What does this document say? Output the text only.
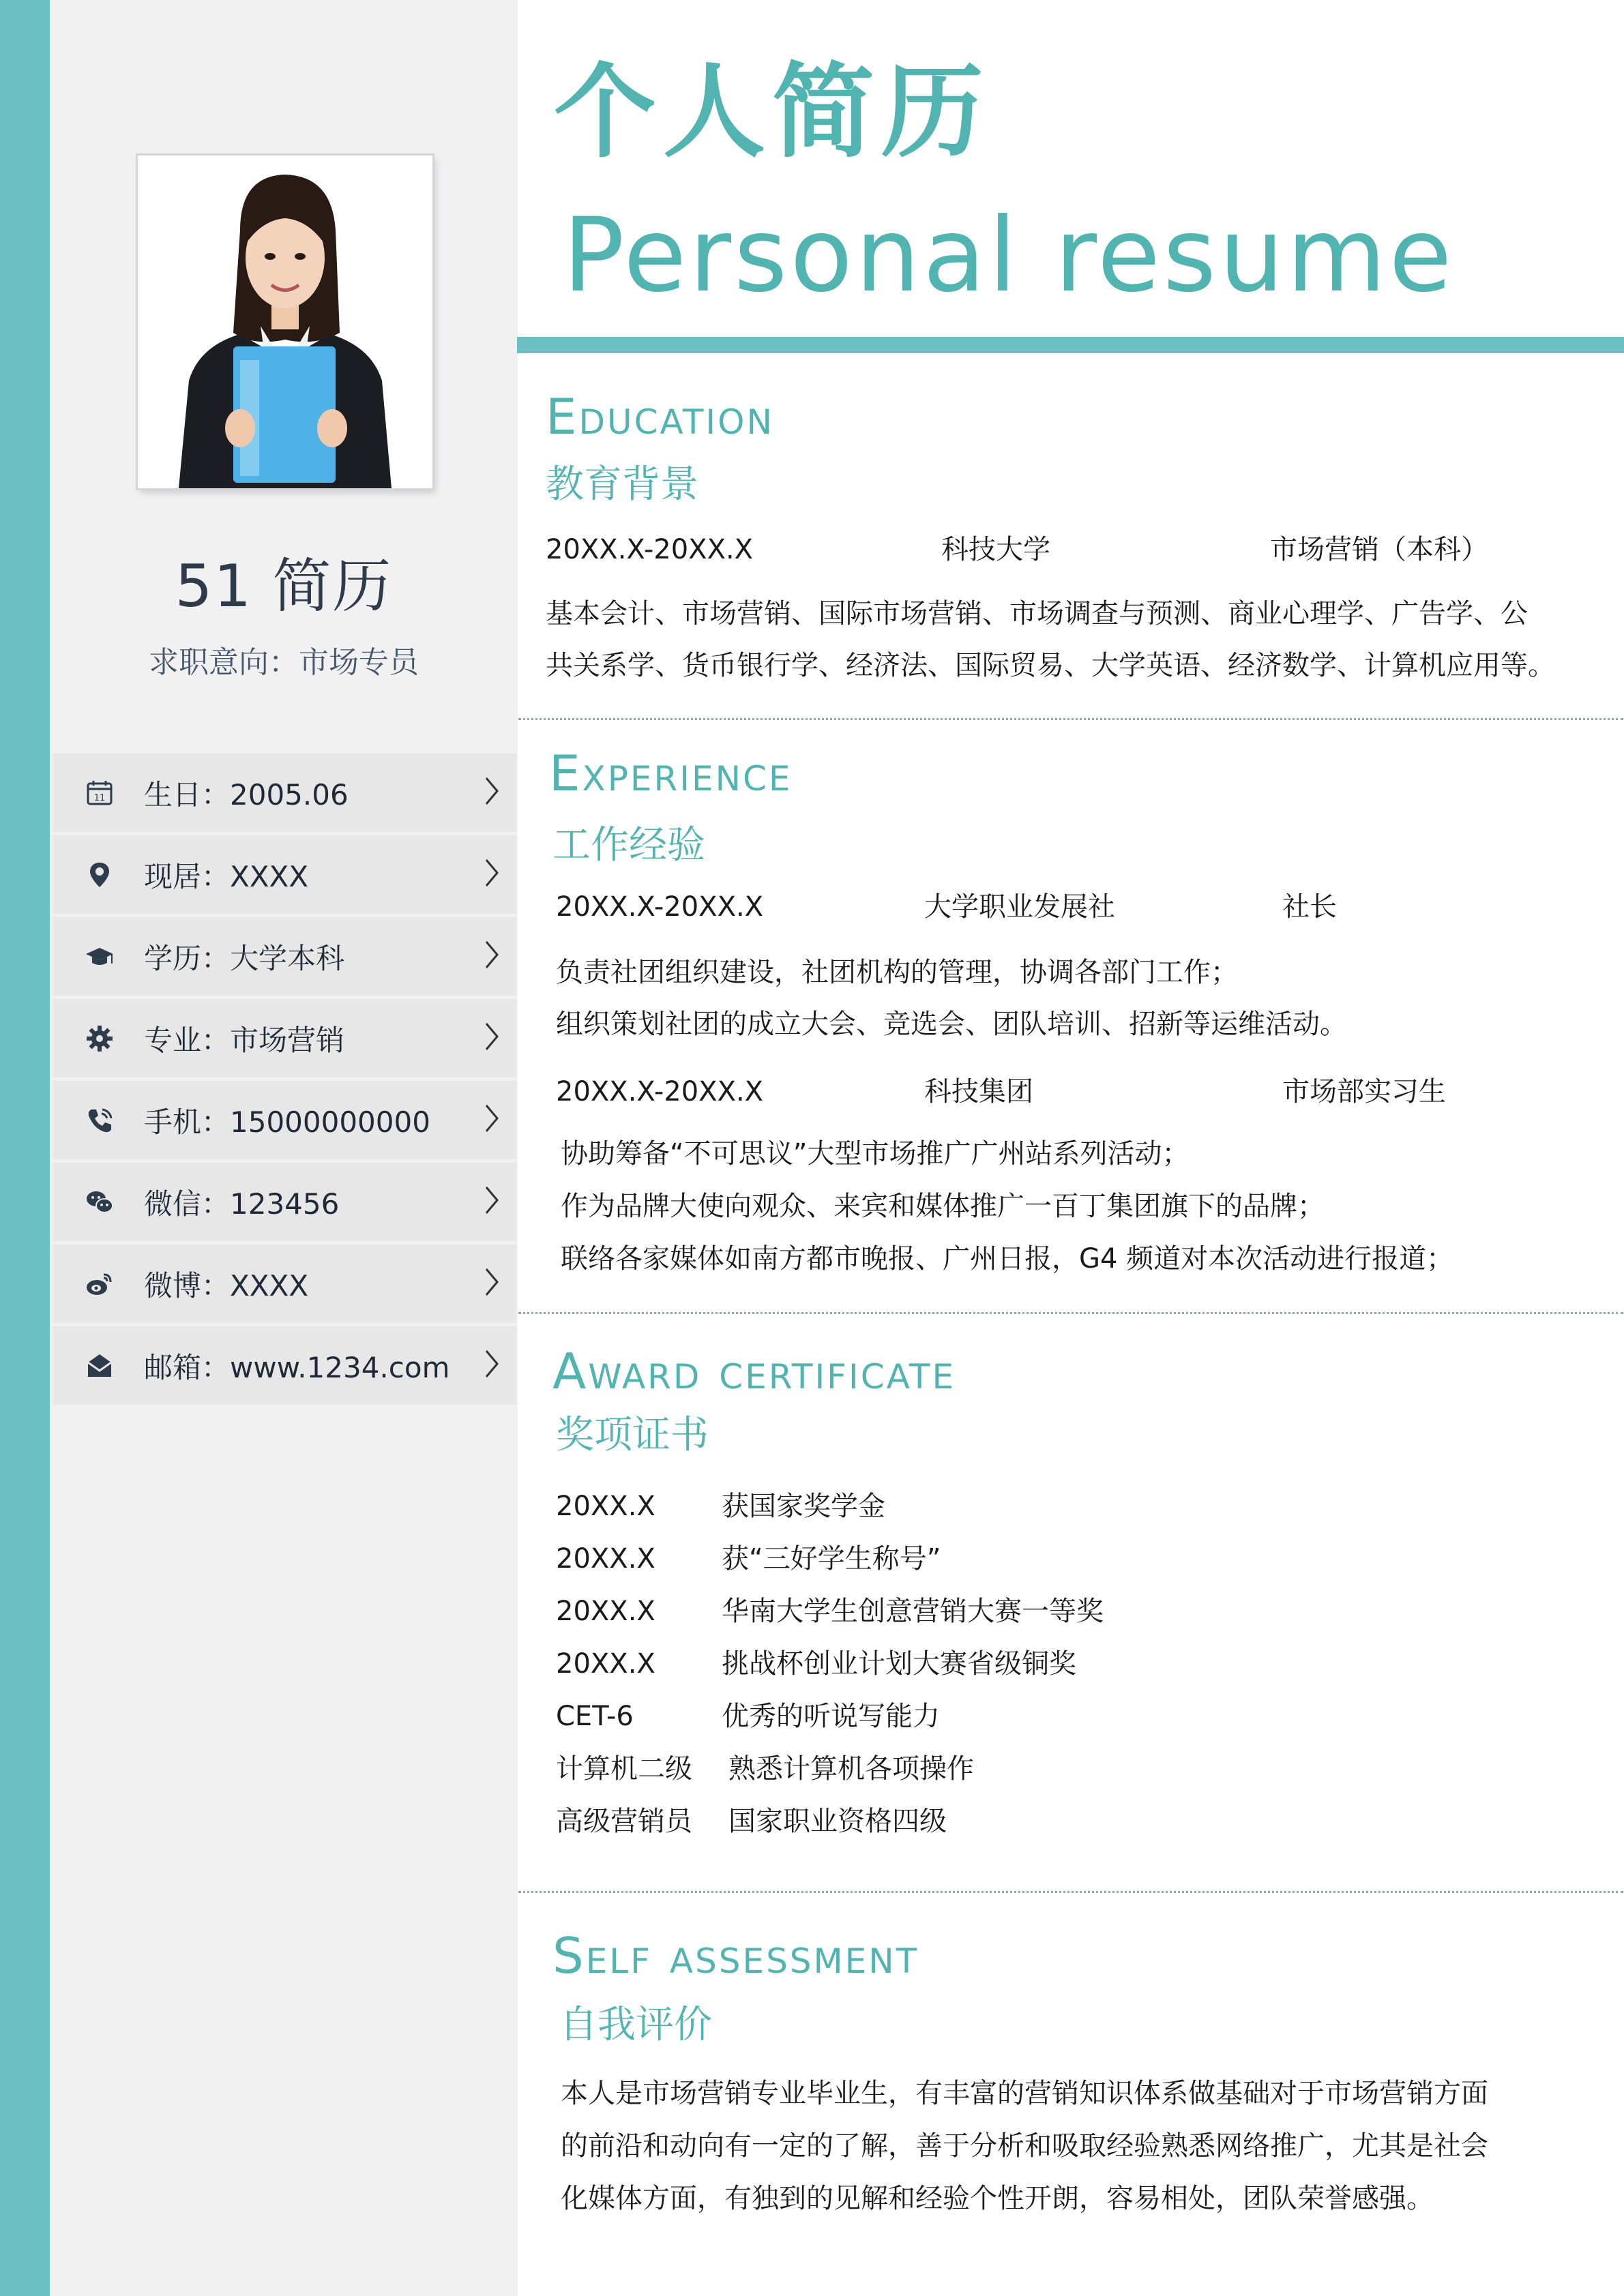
51 简历
求职意向：市场专员
11 生日：2005.06
现居：XXXX
学历：大学本科
专业：市场营销
手机：15000000000
微信：123456
微博：XXXX
邮箱：www.1234.com
个人简历
Personal resume
Education
教育背景
20XX.X-20XX.X	科技大学	市场营销（本科）
基本会计、市场营销、国际市场营销、市场调查与预测、商业心理学、广告学、公
共关系学、货币银行学、经济法、国际贸易、大学英语、经济数学、计算机应用等。
Experience
工作经验
20XX.X-20XX.X	大学职业发展社	社长
负责社团组织建设，社团机构的管理，协调各部门工作；
组织策划社团的成立大会、竞选会、团队培训、招新等运维活动。
20XX.X-20XX.X	科技集团	市场部实习生
协助筹备“不可思议”大型市场推广广州站系列活动；
作为品牌大使向观众、来宾和媒体推广一百丁集团旗下的品牌；
联络各家媒体如南方都市晚报、广州日报，G4 频道对本次活动进行报道；
Award certificate
奖项证书
20XX.X 获国家奖学金
20XX.X 获“三好学生称号”
20XX.X 华南大学生创意营销大赛一等奖
20XX.X 挑战杯创业计划大赛省级铜奖
CET-6	优秀的听说写能力
计算机二级 熟悉计算机各项操作
高级营销员 国家职业资格四级
Self assessment
自我评价
本人是市场营销专业毕业生，有丰富的营销知识体系做基础对于市场营销方面
的前沿和动向有一定的了解，善于分析和吸取经验熟悉网络推广，尤其是社会
化媒体方面，有独到的见解和经验个性开朗，容易相处，团队荣誉感强。
